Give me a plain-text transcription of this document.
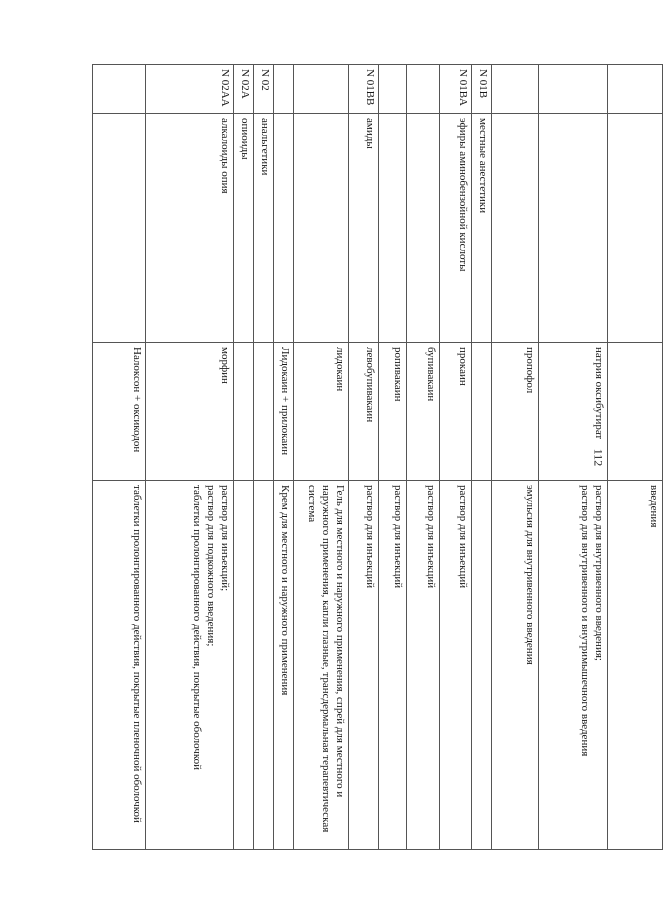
112
			введения
		натрия оксибутират	раствор для внутривенного введения;
раствор для внутривенного и внутримышечного введения
		пропофол	эмульсия для внутривенного введения
N 01B	местные анестетики		
N 01BA	эфиры аминобензойной кислоты	прокаин	раствор для инъекций
		бупивакаин	раствор для инъекций
		ропивакаин	раствор для инъекций
N 01BB	амиды	левобупивакаин	раствор для инъекций
		лидокаин	Гель для местного и наружного применения, спрей для местного и наружного применения, капли глазные, трансдермальная терапевтическая система
		Лидокаин + прилокаин	Крем для местного и наружного применения
N 02	анальгетики		
N 02A	опиоиды		
N 02AA	алкалоиды опия	морфин	раствор для инъекций;
раствор для подкожного введения;
таблетки пролонгированного действия, покрытые оболочкой
		Налоксон + оксикодон	таблетки пролонгированного действия, покрытые пленочной оболочкой
